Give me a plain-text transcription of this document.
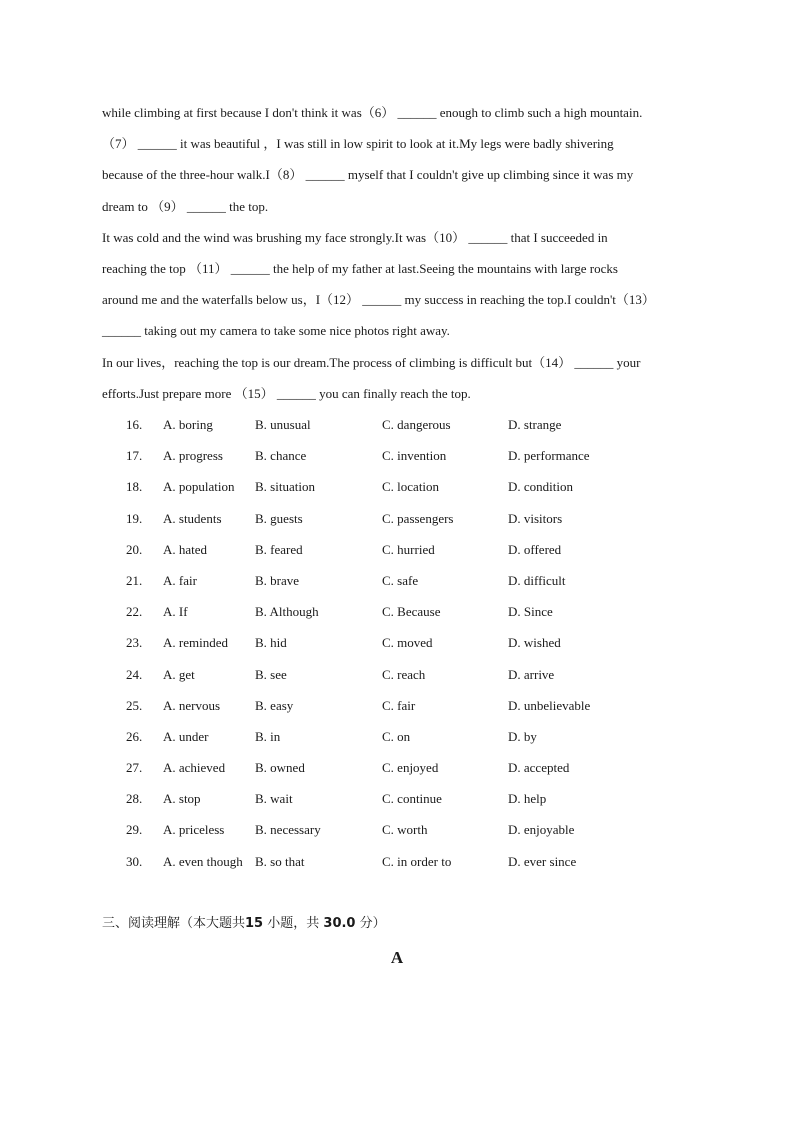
while climbing at first because I don't think it was（6） ______ enough to climb such a high mountain.
（7） ______ it was beautiful ，I was still in low spirit to look at it.My legs were badly shivering
because of the three-hour walk.I（8） ______ myself that I couldn't give up climbing since it was my
dream to （9） ______ the top.
It was cold and the wind was brushing my face strongly.It was（10） ______ that I succeeded in
reaching the top （11） ______ the help of my father at last.Seeing the mountains with large rocks
around me and the waterfalls below us，I（12） ______ my success in reaching the top.I couldn't（13）
______ taking out my camera to take some nice photos right away.
In our lives，reaching the top is our dream.The process of climbing is difficult but（14） ______ your
efforts.Just prepare more （15） ______ you can finally reach the top.
16. A. boring	B. unusual	C. dangerous	D. strange
17. A. progress B. chance	C. invention	D. performance
18. A. population B. situation	C. location	D. condition
19. A. students	B. guests	C. passengers	D. visitors
20. A. hated	B. feared	C. hurried	D. offered
21. A. fair	B. brave	C. safe	D. difficult
22. A. If	B. Although	C. Because	D. Since
23. A. reminded B. hid	C. moved	D. wished
24. A. get	B. see	C. reach	D. arrive
25. A. nervous	B. easy	C. fair	D. unbelievable
26. A. under	B. in	C. on	D. by
27. A. achieved B. owned	C. enjoyed	D. accepted
28. A. stop	B. wait	C. continue	D. help
29. A. priceless B. necessary	C. worth	D. enjoyable
30. A. even though B. so that	C. in order to	D. ever since
三、阅读理解（本大题共15 小题，共 30.0 分）
A
